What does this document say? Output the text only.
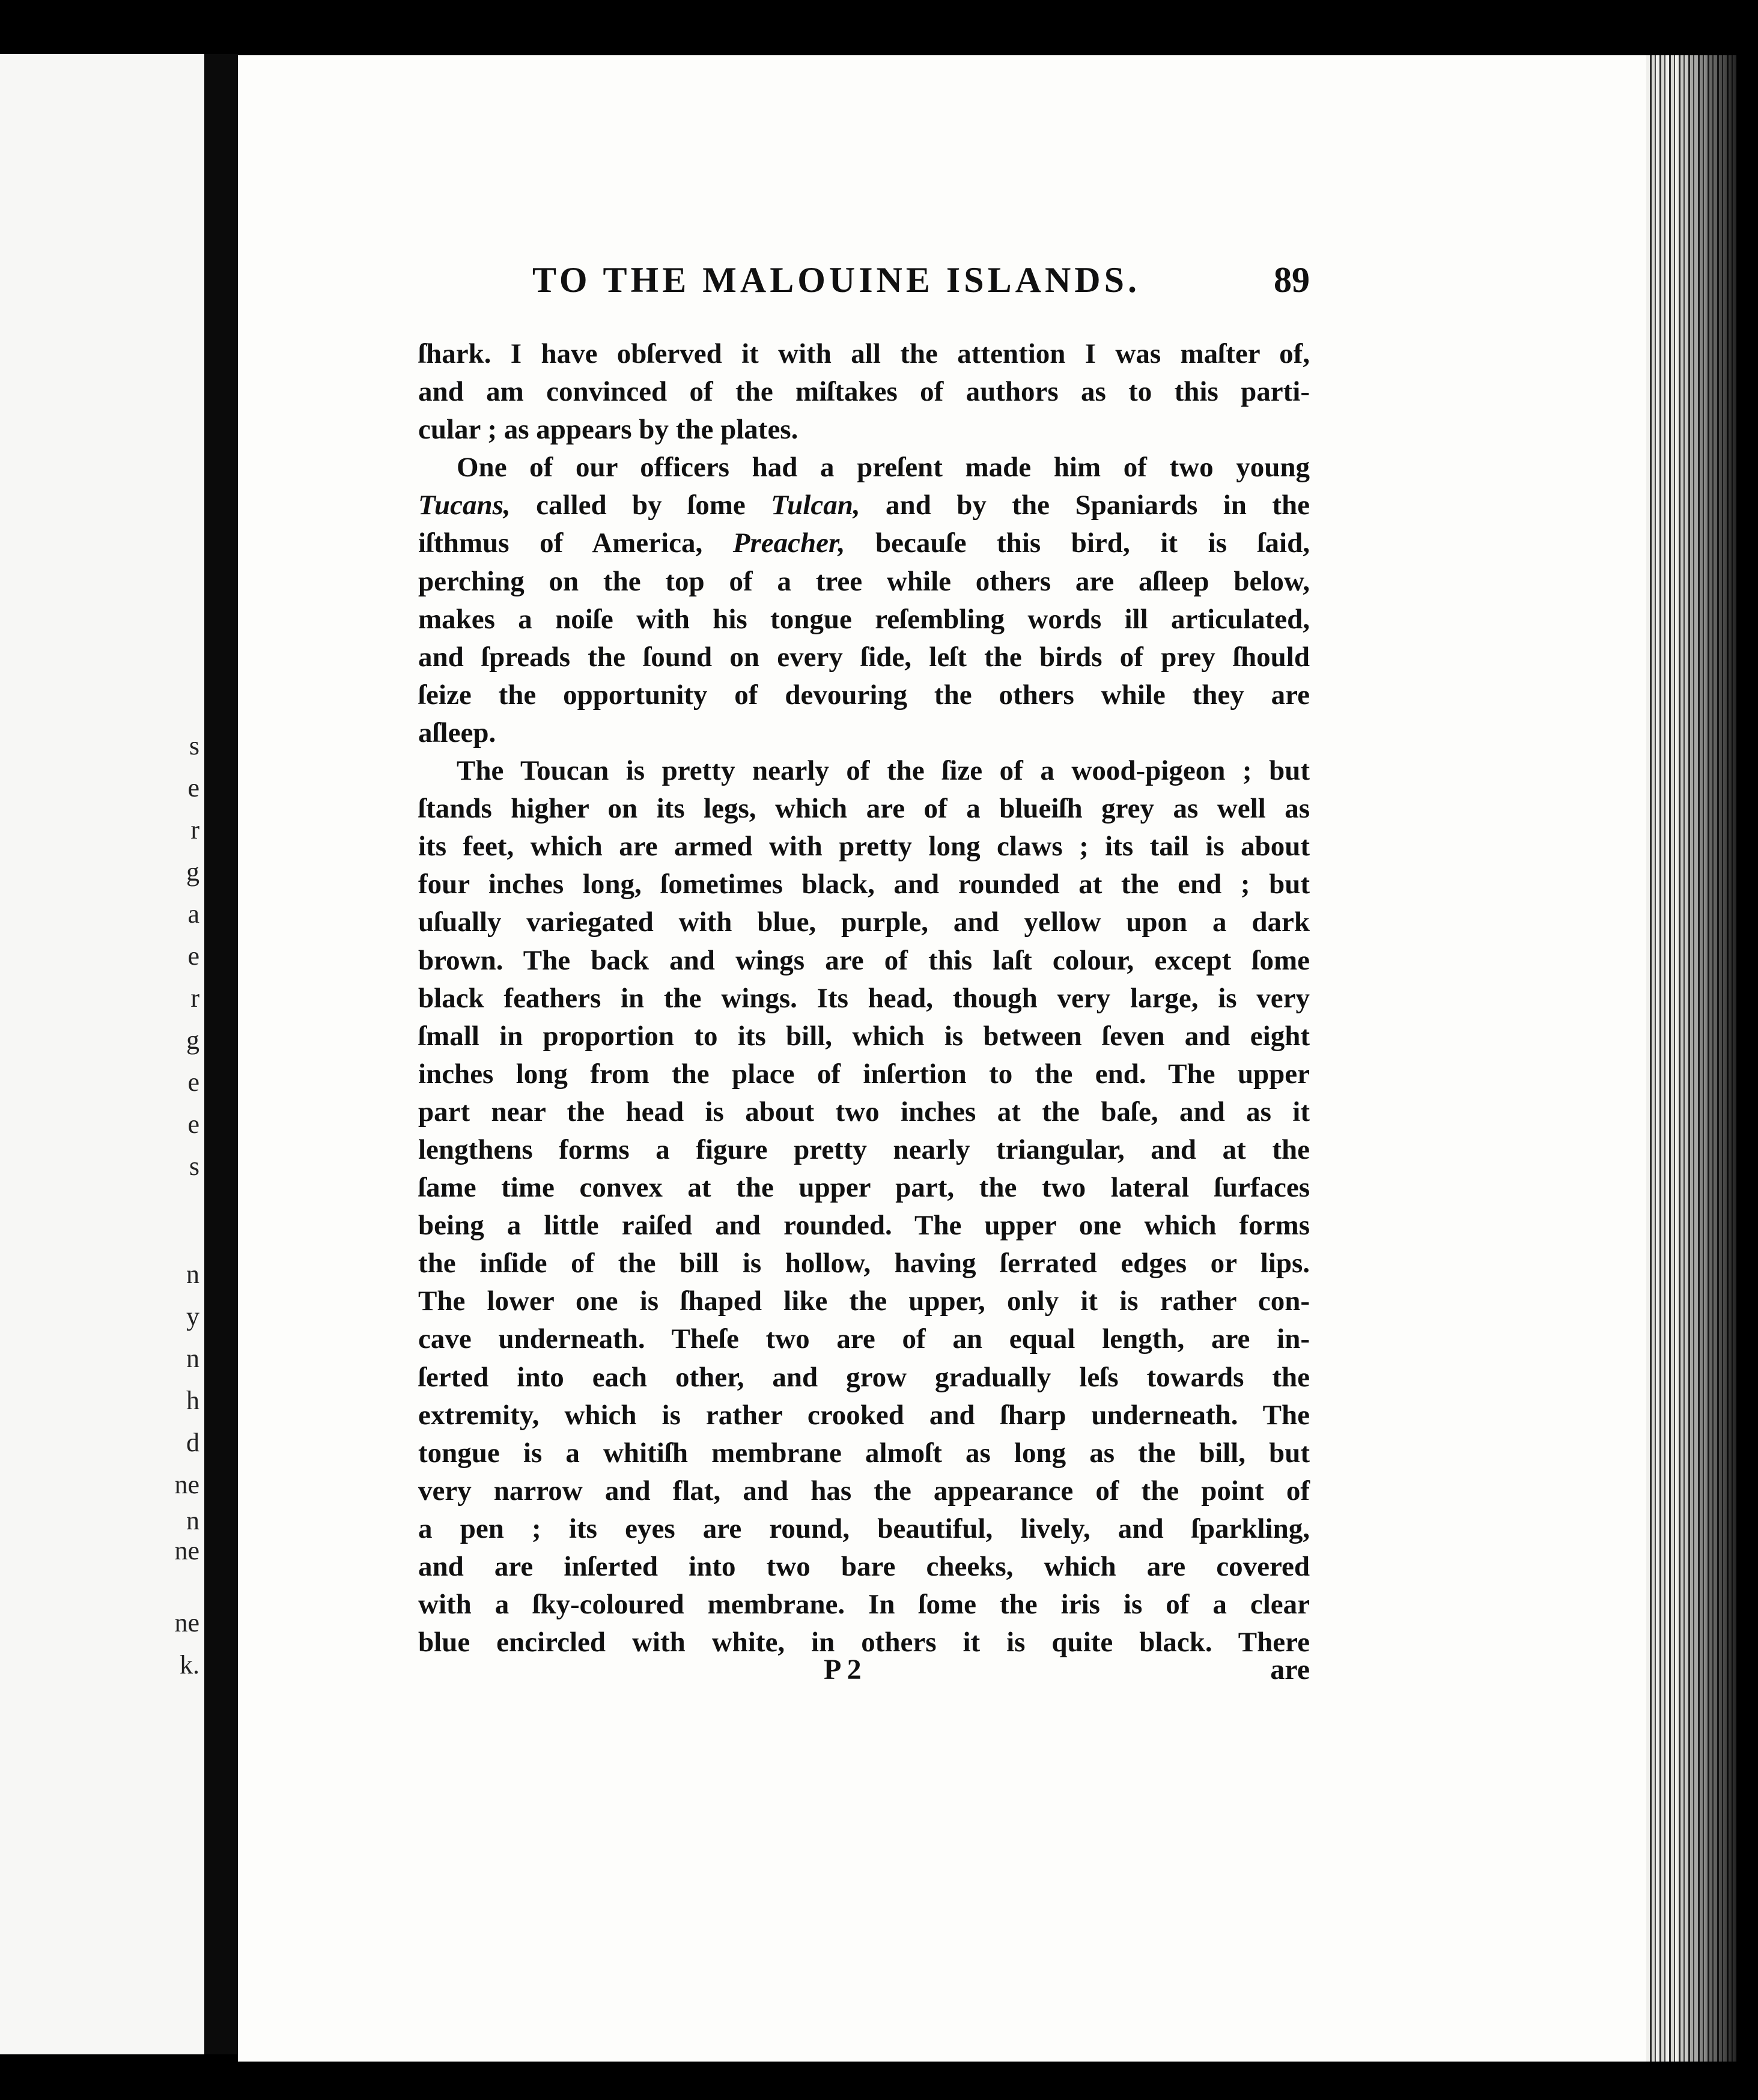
s
e
r
g
a
e
r
g
e
e
s
n
y
n
h
d
ne
n
ne
ne
k.
TO THE MALOUINE ISLANDS.	89

ſhark. I have obſerved it with all the attention I was maſter of,

and am convinced of the miſtakes of authors as to this parti-

cular ; as appears by the plates.

One of our officers had a preſent made him of two young

Tucans, called by ſome Tulcan, and by the Spaniards in the

iſthmus of America, Preacher, becauſe this bird, it is ſaid,

perching on the top of a tree while others are aſleep below,

makes a noiſe with his tongue reſembling words ill articulated,

and ſpreads the ſound on every ſide, leſt the birds of prey ſhould

ſeize the opportunity of devouring the others while they are

aſleep.

The Toucan is pretty nearly of the ſize of a wood-pigeon ; but

ſtands higher on its legs, which are of a blueiſh grey as well as

its feet, which are armed with pretty long claws ; its tail is about

four inches long, ſometimes black, and rounded at the end ; but

uſually variegated with blue, purple, and yellow upon a dark

brown. The back and wings are of this laſt colour, except ſome

black feathers in the wings. Its head, though very large, is very

ſmall in proportion to its bill, which is between ſeven and eight

inches long from the place of inſertion to the end. The upper

part near the head is about two inches at the baſe, and as it

lengthens forms a figure pretty nearly triangular, and at the

ſame time convex at the upper part, the two lateral ſurfaces

being a little raiſed and rounded. The upper one which forms

the inſide of the bill is hollow, having ſerrated edges or lips.

The lower one is ſhaped like the upper, only it is rather con-

cave underneath. Theſe two are of an equal length, are in-

ſerted into each other, and grow gradually leſs towards the

extremity, which is rather crooked and ſharp underneath. The

tongue is a whitiſh membrane almoſt as long as the bill, but

very narrow and flat, and has the appearance of the point of

a pen ; its eyes are round, beautiful, lively, and ſparkling,

and are inſerted into two bare cheeks, which are covered

with a ſky-coloured membrane. In ſome the iris is of a clear

blue encircled with white, in others it is quite black. There

P 2	are
